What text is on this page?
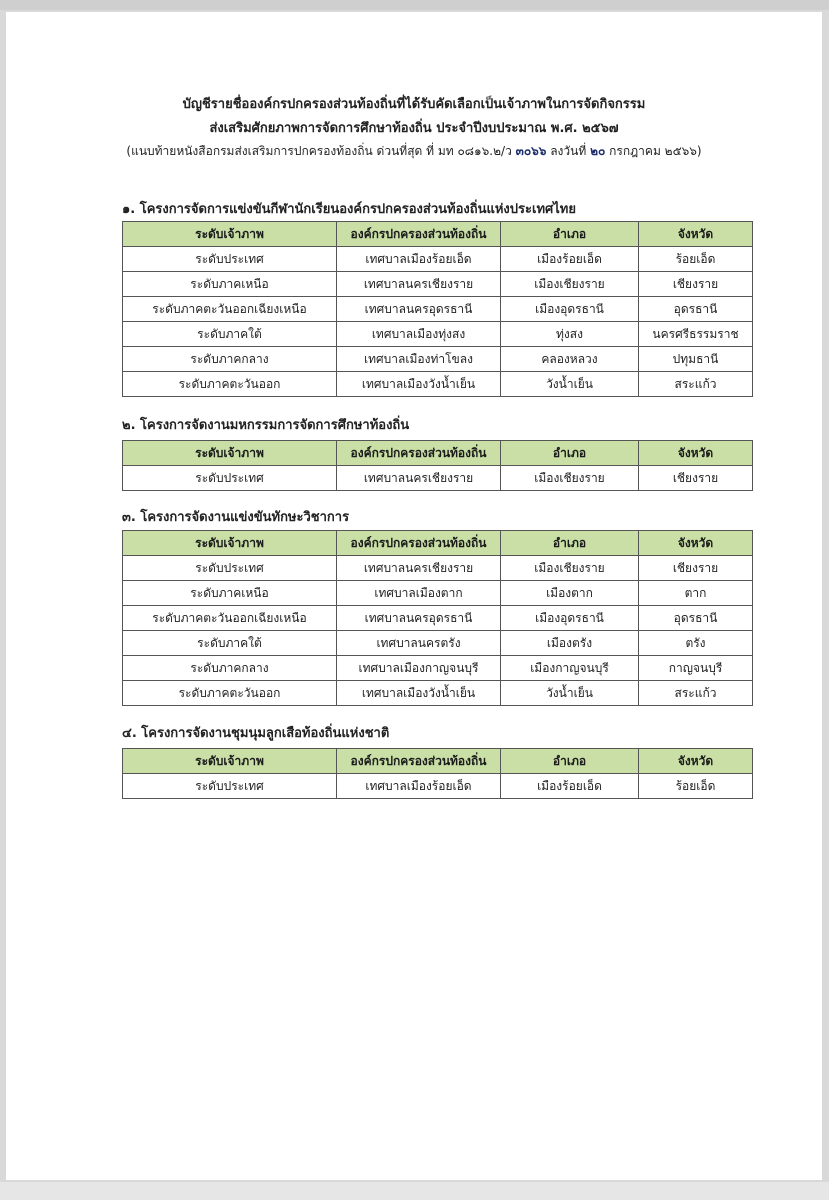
บัญชีรายชื่อองค์กรปกครองส่วนท้องถิ่นที่ได้รับคัดเลือกเป็นเจ้าภาพในการจัดกิจกรรม
ส่งเสริมศักยภาพการจัดการศึกษาท้องถิ่น ประจำปีงบประมาณ พ.ศ. ๒๕๖๗
(แนบท้ายหนังสือกรมส่งเสริมการปกครองท้องถิ่น ด่วนที่สุด ที่ มท ๐๘๑๖.๒/ว ๓๐๖๖ ลงวันที่ ๒๐ กรกฎาคม ๒๕๖๖)
๑. โครงการจัดการแข่งขันกีฬานักเรียนองค์กรปกครองส่วนท้องถิ่นแห่งประเทศไทย
ระดับเจ้าภาพ	องค์กรปกครองส่วนท้องถิ่น	อำเภอ	จังหวัด
ระดับประเทศ	เทศบาลเมืองร้อยเอ็ด	เมืองร้อยเอ็ด	ร้อยเอ็ด
ระดับภาคเหนือ	เทศบาลนครเชียงราย	เมืองเชียงราย	เชียงราย
ระดับภาคตะวันออกเฉียงเหนือ	เทศบาลนครอุดรธานี	เมืองอุดรธานี	อุดรธานี
ระดับภาคใต้	เทศบาลเมืองทุ่งสง	ทุ่งสง	นครศรีธรรมราช
ระดับภาคกลาง	เทศบาลเมืองท่าโขลง	คลองหลวง	ปทุมธานี
ระดับภาคตะวันออก	เทศบาลเมืองวังน้ำเย็น	วังน้ำเย็น	สระแก้ว
๒. โครงการจัดงานมหกรรมการจัดการศึกษาท้องถิ่น
ระดับเจ้าภาพ	องค์กรปกครองส่วนท้องถิ่น	อำเภอ	จังหวัด
ระดับประเทศ	เทศบาลนครเชียงราย	เมืองเชียงราย	เชียงราย
๓. โครงการจัดงานแข่งขันทักษะวิชาการ
ระดับเจ้าภาพ	องค์กรปกครองส่วนท้องถิ่น	อำเภอ	จังหวัด
ระดับประเทศ	เทศบาลนครเชียงราย	เมืองเชียงราย	เชียงราย
ระดับภาคเหนือ	เทศบาลเมืองตาก	เมืองตาก	ตาก
ระดับภาคตะวันออกเฉียงเหนือ	เทศบาลนครอุดรธานี	เมืองอุดรธานี	อุดรธานี
ระดับภาคใต้	เทศบาลนครตรัง	เมืองตรัง	ตรัง
ระดับภาคกลาง	เทศบาลเมืองกาญจนบุรี	เมืองกาญจนบุรี	กาญจนบุรี
ระดับภาคตะวันออก	เทศบาลเมืองวังน้ำเย็น	วังน้ำเย็น	สระแก้ว
๔. โครงการจัดงานชุมนุมลูกเสือท้องถิ่นแห่งชาติ
ระดับเจ้าภาพ	องค์กรปกครองส่วนท้องถิ่น	อำเภอ	จังหวัด
ระดับประเทศ	เทศบาลเมืองร้อยเอ็ด	เมืองร้อยเอ็ด	ร้อยเอ็ด
